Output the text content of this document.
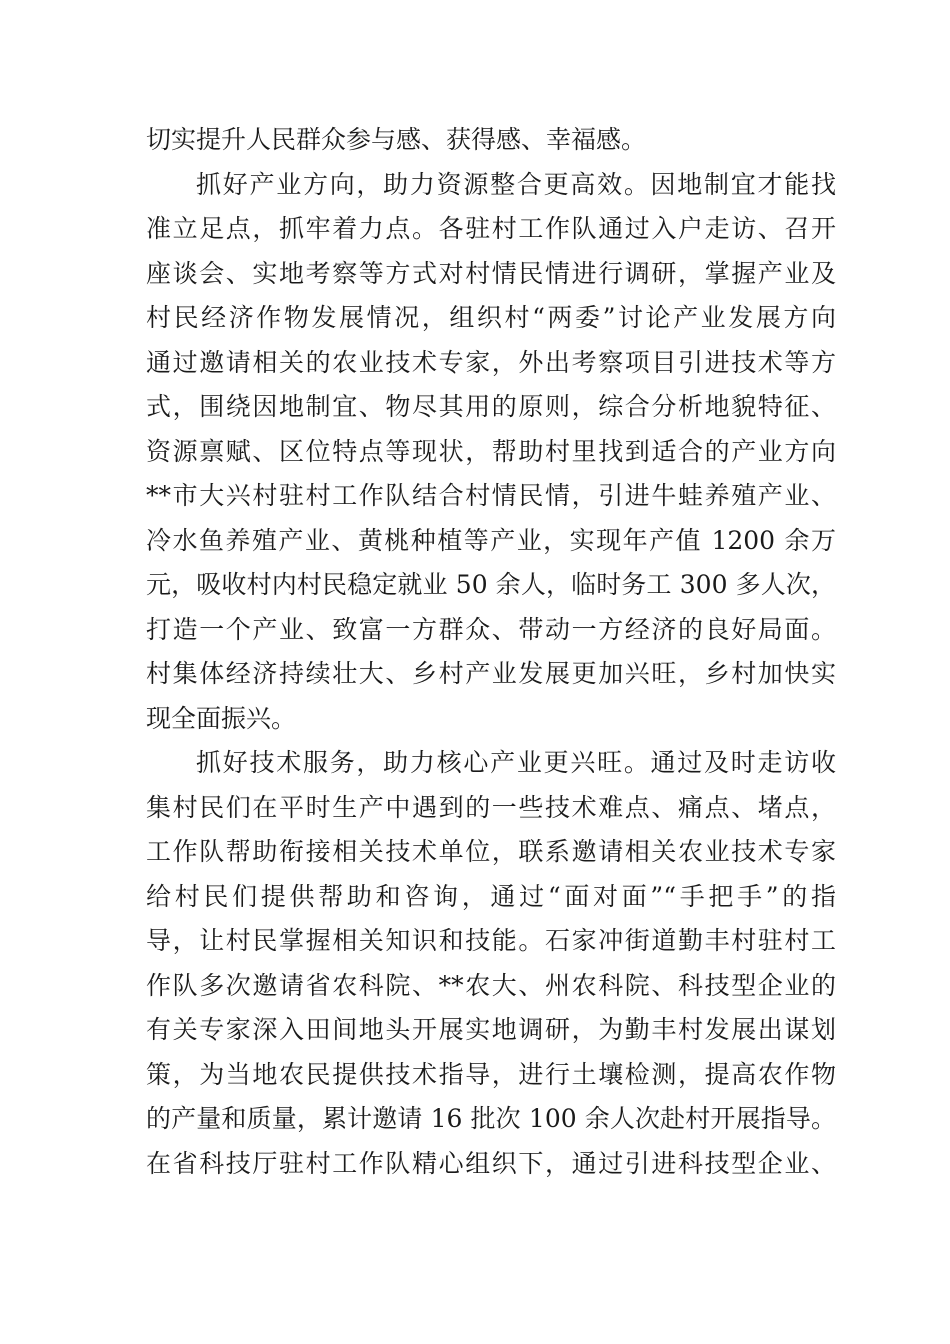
切实提升人民群众参与感、获得感、幸福感。
抓好产业方向，助力资源整合更高效。因地制宜才能找
准立足点，抓牢着力点。各驻村工作队通过入户走访、召开
座谈会、实地考察等方式对村情民情进行调研，掌握产业及
村民经济作物发展情况，组织村“两委”讨论产业发展方向
通过邀请相关的农业技术专家，外出考察项目引进技术等方
式，围绕因地制宜、物尽其用的原则，综合分析地貌特征、
资源禀赋、区位特点等现状，帮助村里找到适合的产业方向
**市大兴村驻村工作队结合村情民情，引进牛蛙养殖产业、
冷水鱼养殖产业、黄桃种植等产业，实现年产值 1200 余万
元，吸收村内村民稳定就业 50 余人，临时务工 300 多人次，
打造一个产业、致富一方群众、带动一方经济的良好局面。
村集体经济持续壮大、乡村产业发展更加兴旺，乡村加快实
现全面振兴。
抓好技术服务，助力核心产业更兴旺。通过及时走访收
集村民们在平时生产中遇到的一些技术难点、痛点、堵点，
工作队帮助衔接相关技术单位，联系邀请相关农业技术专家
给村民们提供帮助和咨询，通过“面对面”“手把手”的指
导，让村民掌握相关知识和技能。石家冲街道勤丰村驻村工
作队多次邀请省农科院、**农大、州农科院、科技型企业的
有关专家深入田间地头开展实地调研，为勤丰村发展出谋划
策，为当地农民提供技术指导，进行土壤检测，提高农作物
的产量和质量，累计邀请 16 批次 100 余人次赴村开展指导。
在省科技厅驻村工作队精心组织下，通过引进科技型企业、
